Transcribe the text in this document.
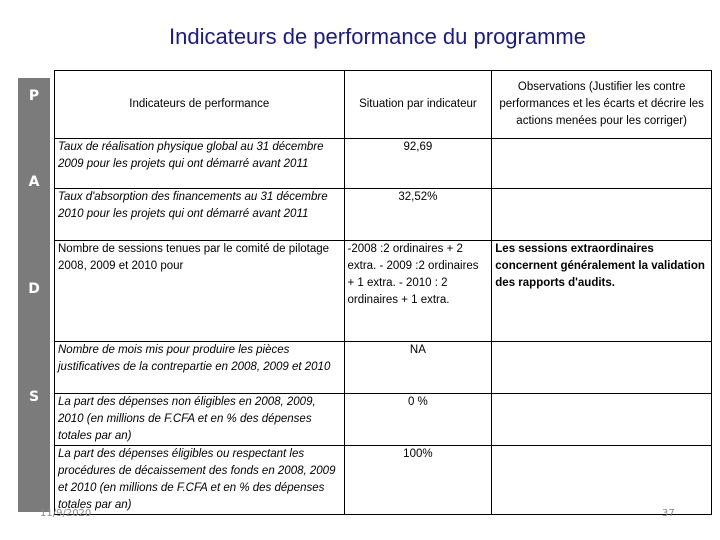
Indicateurs de performance du programme
P
A
D
S
Indicateurs de performance	Situation par indicateur	Observations (Justifier les contre performances et les écarts et décrire les actions menées pour les corriger)
Taux de réalisation physique global au 31 décembre 2009 pour les projets qui ont démarré avant 2011	92,69	
Taux d'absorption des financements au 31 décembre 2010 pour les projets qui ont démarré avant 2011	32,52%	
Nombre de sessions tenues par le comité de pilotage 2008, 2009 et 2010 pour	-2008 :2 ordinaires + 2 extra. - 2009 :2 ordinaires + 1 extra. - 2010 : 2 ordinaires + 1 extra.	Les sessions extraordinaires concernent généralement la validation des rapports d'audits.
Nombre de mois mis pour produire les pièces justificatives de la contrepartie en 2008, 2009 et 2010	NA	
La part des dépenses non éligibles en 2008, 2009, 2010 (en millions de F.CFA et en % des dépenses totales par an)	0 %	
La part des dépenses éligibles ou respectant les procédures de décaissement des fonds en 2008, 2009 et 2010 (en millions de F.CFA et en % des dépenses totales par an)	100%	
11/9/2020	37
